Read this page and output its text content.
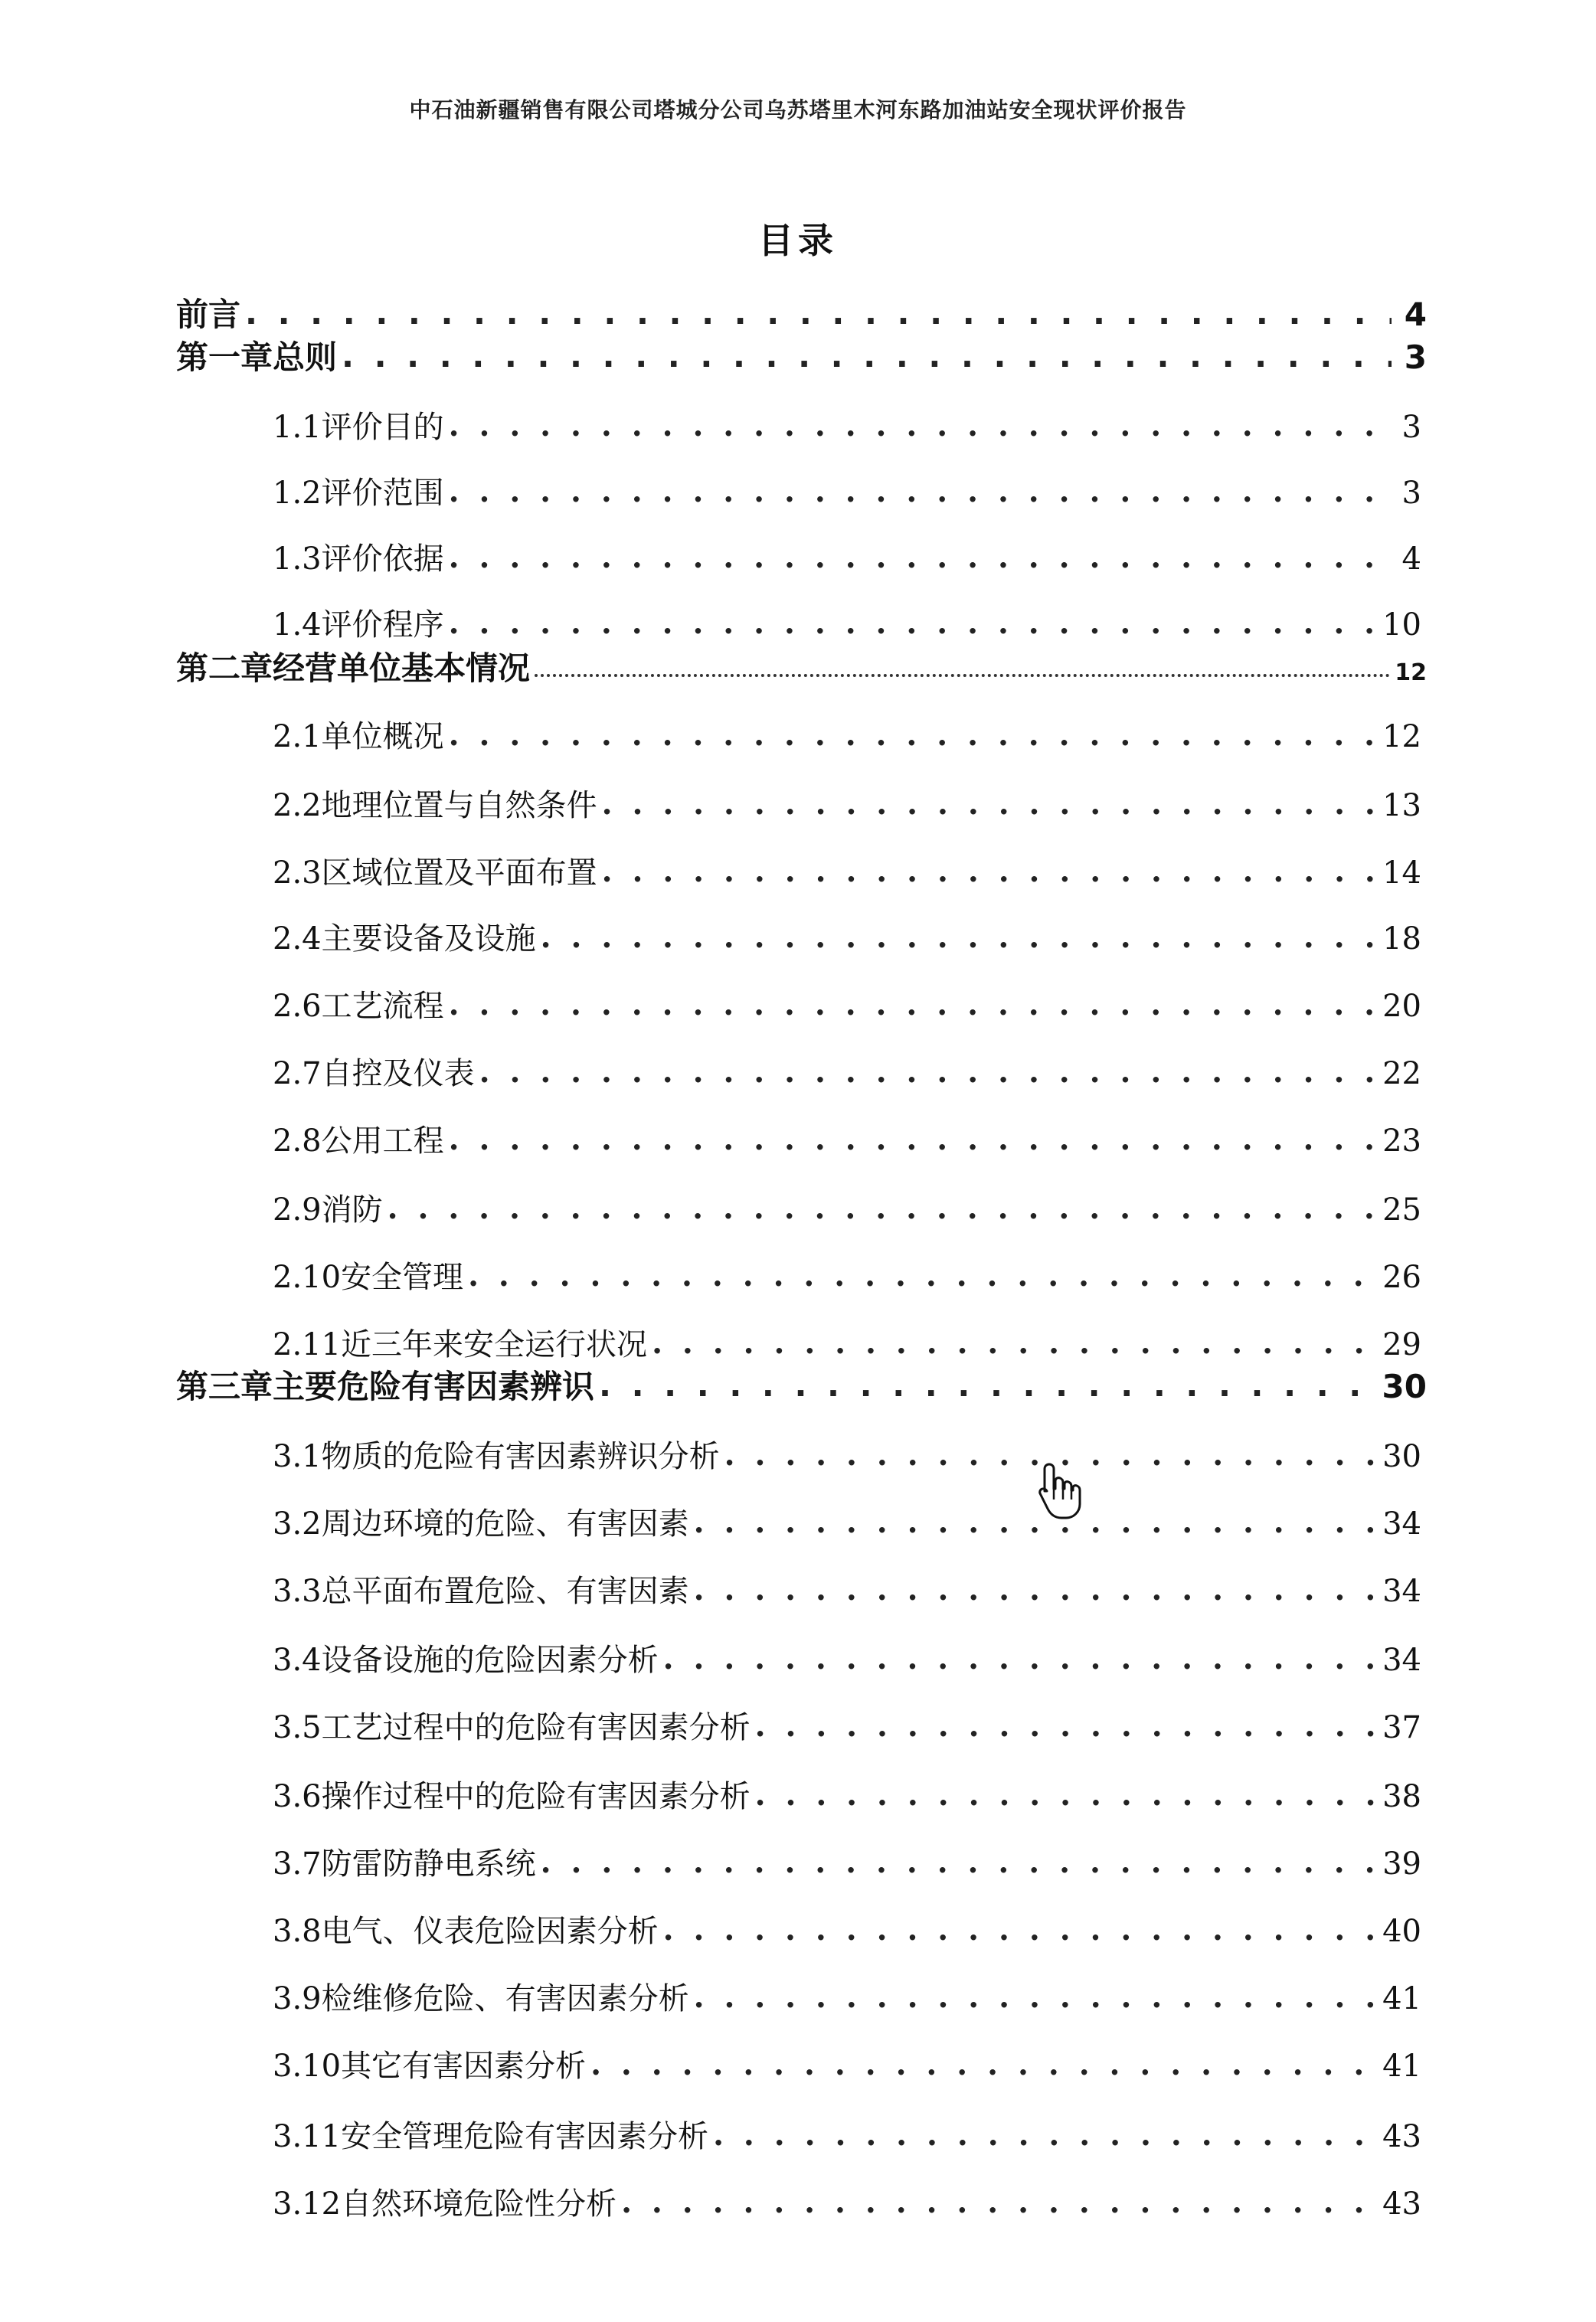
中石油新疆销售有限公司塔城分公司乌苏塔里木河东路加油站安全现状评价报告
目录
前言 . . .	4
第一章总则 . . .	3
1.1评价目的 . . .	3
1.2评价范围 . . .	3
1.3评价依据 . . .	4
1.4评价程序 . . .	10
第二章经营单位基本情况	12
2.1单位概况 . . .	12
2.2地理位置与自然条件 . . .	13
2.3区域位置及平面布置 . . .	14
2.4主要设备及设施 . . .	18
2.6工艺流程 . . .	20
2.7自控及仪表 . . .	22
2.8公用工程 . . .	23
2.9消防 . . .	25
2.10安全管理 . . .	26
2.11近三年来安全运行状况 . . .	29
第三章主要危险有害因素辨识 . . .	30
3.1物质的危险有害因素辨识分析 . . .	30
3.2周边环境的危险、有害因素 . . .	34
3.3总平面布置危险、有害因素 . . .	34
3.4设备设施的危险因素分析 . . .	34
3.5工艺过程中的危险有害因素分析 . . .	37
3.6操作过程中的危险有害因素分析 . . .	38
3.7防雷防静电系统 . . .	39
3.8电气、仪表危险因素分析 . . .	40
3.9检维修危险、有害因素分析 . . .	41
3.10其它有害因素分析 . . .	41
3.11安全管理危险有害因素分析 . . .	43
3.12自然环境危险性分析 . . .	43
